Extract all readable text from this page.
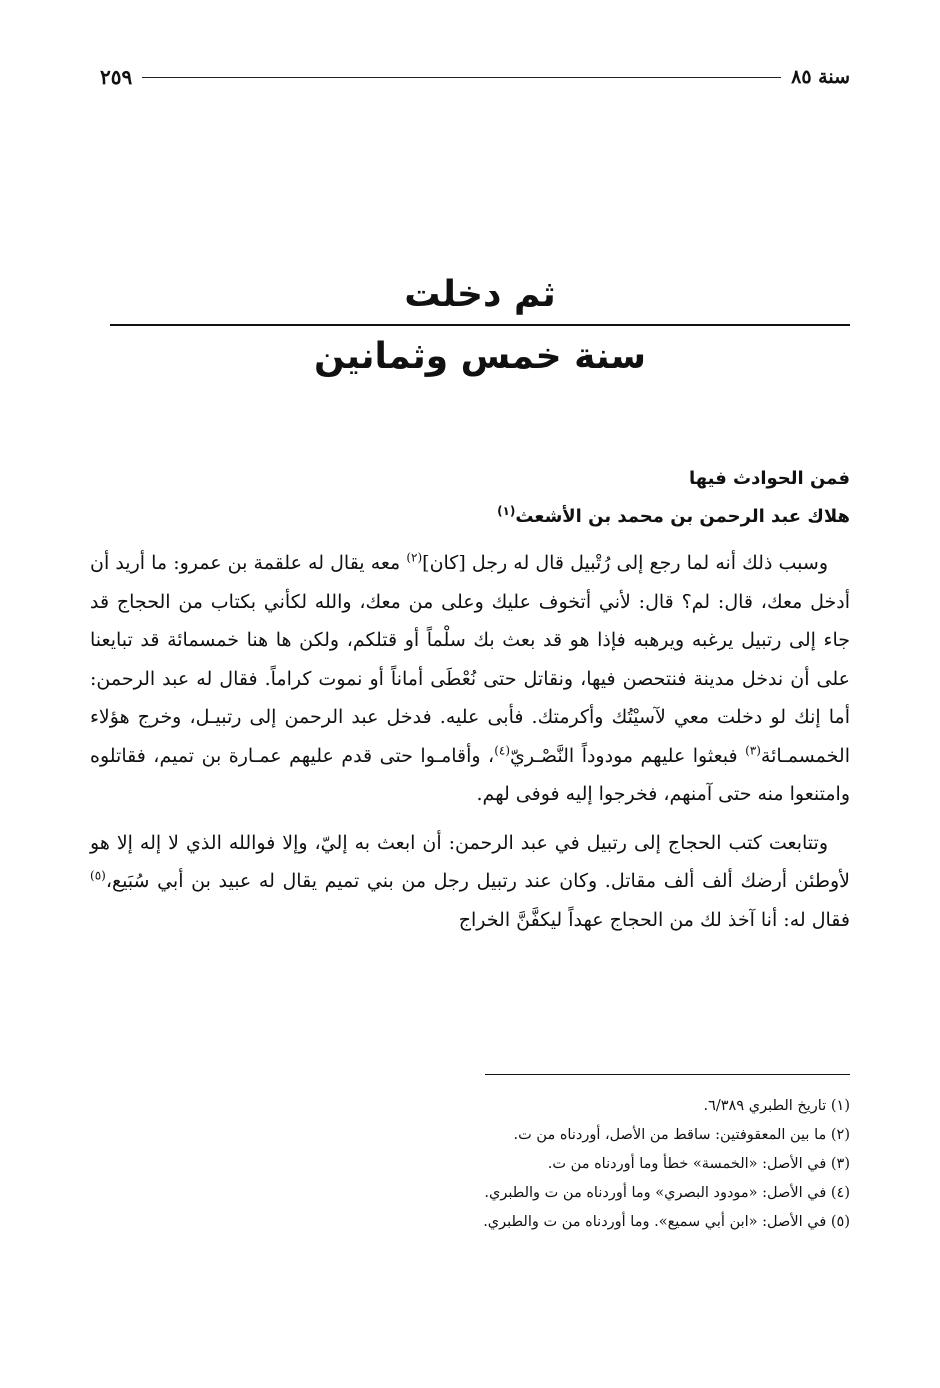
سنة ٨٥
٢٥٩

ثم دخلت

سنة خمس وثمانين

فمن الحوادث فيها

هلاك عبد الرحمن بن محمد بن الأشعث$^{(١)}$

وسبب ذلك أنه لما رجع إلى رُتْبيل قال له رجل [كان]$^{(٢)}$ معه يقال له علقمة بن عمرو: ما أريد أن أدخل معك، قال: لم؟ قال: لأني أتخوف عليك وعلى من معك، والله لكأني بكتاب من الحجاج قد جاء إلى رتبيل يرغبه ويرهبه فإذا هو قد بعث بك سلْماً أو قتلكم، ولكن ها هنا خمسمائة قد تبايعنا على أن ندخل مدينة فنتحصن فيها، ونقاتل حتى نُعْطَى أماناً أو نموت كراماً. فقال له عبد الرحمن: أما إنك لو دخلت معي لآسيْتُك وأكرمتك. فأبى عليه. فدخل عبد الرحمن إلى رتبيـل، وخرج هؤلاء الخمسمـائة$^{(٣)}$ فبعثوا عليهم مودوداً النَّصْـريّ$^{(٤)}$، وأقامـوا حتى قدم عليهم عمـارة بن تميم، فقاتلوه وامتنعوا منه حتى آمنهم، فخرجوا إليه فوفى لهم.

وتتابعت كتب الحجاج إلى رتبيل في عبد الرحمن: أن ابعث به إليّ، وإلا فوالله الذي لا إله إلا هو لأوطئن أرضك ألف ألف مقاتل. وكان عند رتبيل رجل من بني تميم يقال له عبيد بن أبي سُبَيع،$^{(٥)}$ فقال له: أنا آخذ لك من الحجاج عهداً ليكفَّنَّ الخراج

(١) تاريخ الطبري ٦/٣٨٩.
(٢) ما بين المعقوفتين: ساقط من الأصل، أوردناه من ت.
(٣) في الأصل: «الخمسة» خطأ وما أوردناه من ت.
(٤) في الأصل: «مودود البصري» وما أوردناه من ت والطبري.
(٥) في الأصل: «ابن أبي سميع». وما أوردناه من ت والطبري.
